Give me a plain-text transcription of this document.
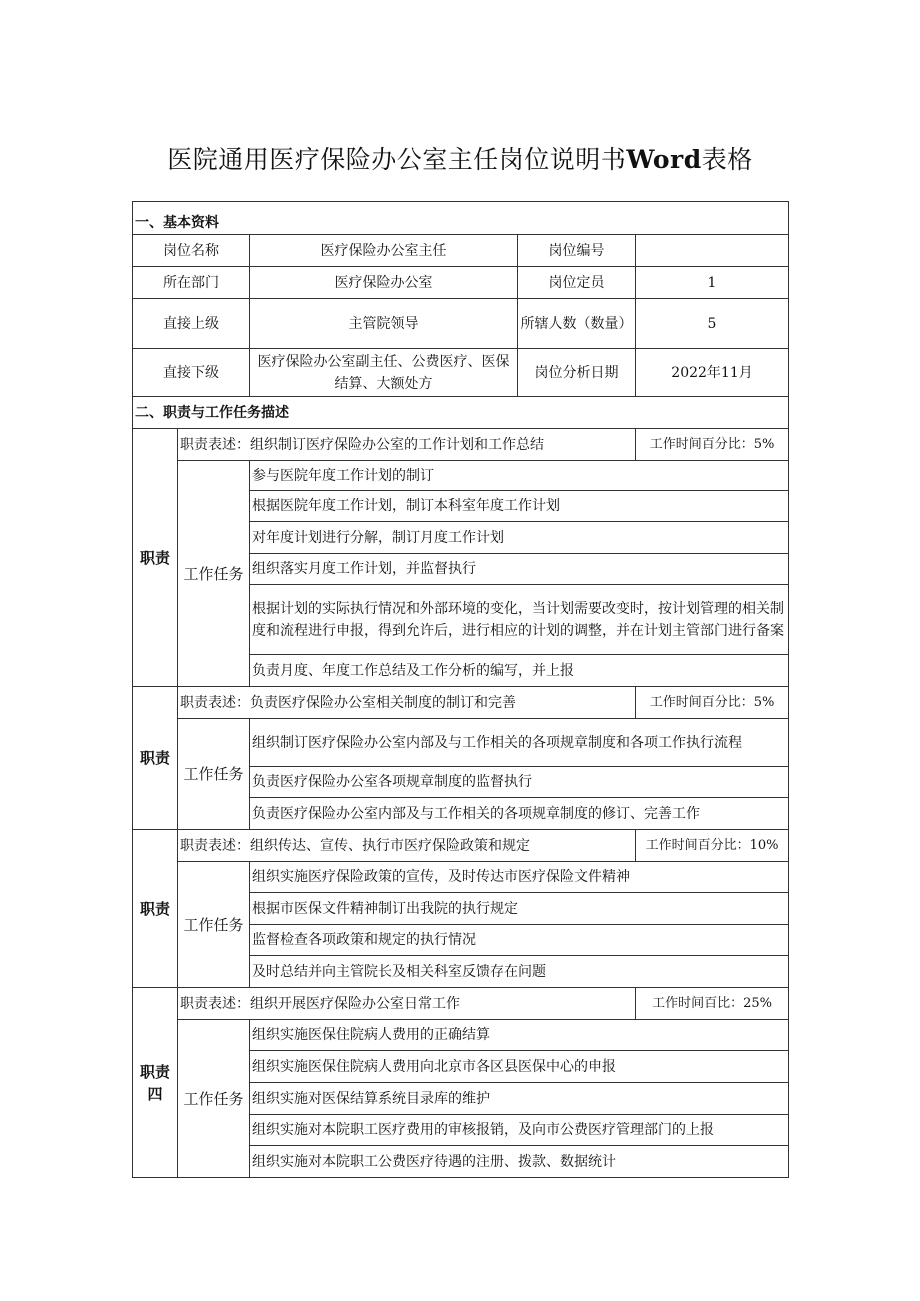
医院通用医疗保险办公室主任岗位说明书Word表格
一、基本资料				
岗位名称		医疗保险办公室主任	岗位编号	
所在部门		医疗保险办公室	岗位定员	1
直接上级		主管院领导	所辖人数（数量）	5
直接下级		医疗保险办公室副主任、公费医疗、医保结算、大额处方	岗位分析日期	2022年11月
二、职责与工作任务描述				
职责	职责表述：组织制订医疗保险办公室的工作计划和工作总结			工作时间百分比：5%
	工作任务	参与医院年度工作计划的制订		
		根据医院年度工作计划，制订本科室年度工作计划		
		对年度计划进行分解，制订月度工作计划		
		组织落实月度工作计划，并监督执行		
		根据计划的实际执行情况和外部环境的变化，当计划需要改变时，按计划管理的相关制度和流程进行申报，得到允许后，进行相应的计划的调整，并在计划主管部门进行备案		
		负责月度、年度工作总结及工作分析的编写，并上报		
职责	职责表述：负责医疗保险办公室相关制度的制订和完善			工作时间百分比：5%
	工作任务	组织制订医疗保险办公室内部及与工作相关的各项规章制度和各项工作执行流程		
		负责医疗保险办公室各项规章制度的监督执行		
		负责医疗保险办公室内部及与工作相关的各项规章制度的修订、完善工作		
职责	职责表述：组织传达、宣传、执行市医疗保险政策和规定			工作时间百分比：10%
	工作任务	组织实施医疗保险政策的宣传，及时传达市医疗保险文件精神		
		根据市医保文件精神制订出我院的执行规定		
		监督检查各项政策和规定的执行情况		
		及时总结并向主管院长及相关科室反馈存在问题		
职责四	职责表述：组织开展医疗保险办公室日常工作			工作时间百比：25%
	工作任务	组织实施医保住院病人费用的正确结算		
		组织实施医保住院病人费用向北京市各区县医保中心的申报		
		组织实施对医保结算系统目录库的维护		
		组织实施对本院职工医疗费用的审核报销，及向市公费医疗管理部门的上报		
		组织实施对本院职工公费医疗待遇的注册、拨款、数据统计		
